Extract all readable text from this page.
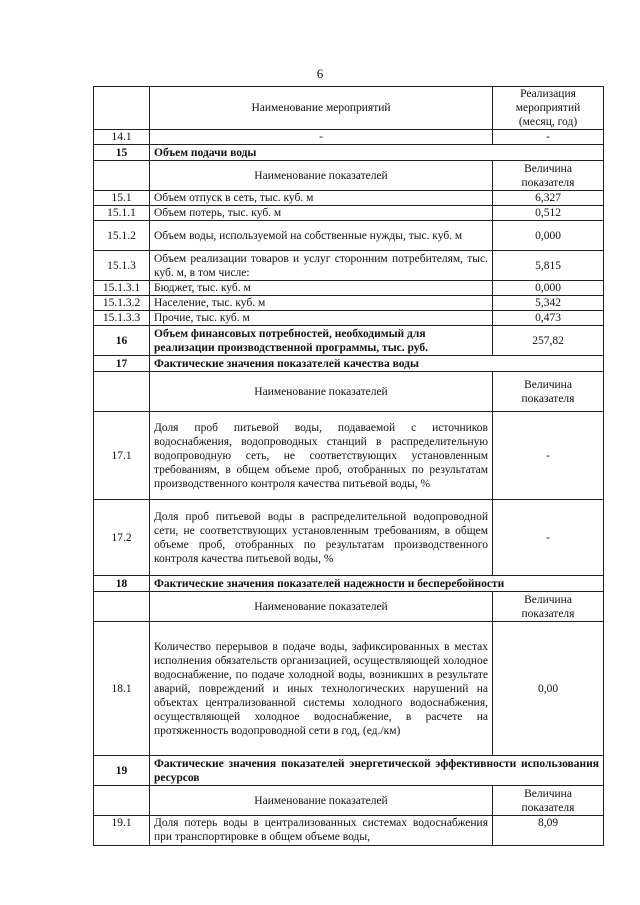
6
	Наименование мероприятий	Реализация мероприятий (месяц, год)
14.1	-	-
15	Объем подачи воды	
	Наименование показателей	Величина показателя
15.1	Объем отпуск в сеть, тыс. куб. м	6,327
15.1.1	Объем потерь, тыс. куб. м	0,512
15.1.2	Объем воды, используемой на собственные нужды, тыс. куб. м	0,000
15.1.3	Объем реализации товаров и услуг сторонним потребителям, тыс. куб. м, в том числе:	5,815
15.1.3.1	Бюджет, тыс. куб. м	0,000
15.1.3.2	Население, тыс. куб. м	5,342
15.1.3.3	Прочие, тыс. куб. м	0,473
16	Объем финансовых потребностей, необходимый для реализации производственной программы, тыс. руб.	257,82
17	Фактические значения показателей качества воды	
	Наименование показателей	Величина показателя
17.1	Доля проб питьевой воды, подаваемой с источников водоснабжения, водопроводных станций в распределительную водопроводную сеть, не соответствующих установленным требованиям, в общем объеме проб, отобранных по результатам производственного контроля качества питьевой воды, %	-
17.2	Доля проб питьевой воды в распределительной водопроводной сети, не соответствующих установленным требованиям, в общем объеме проб, отобранных по результатам производственного контроля качества питьевой воды, %	-
18	Фактические значения показателей надежности и бесперебойности	
	Наименование показателей	Величина показателя
18.1	Количество перерывов в подаче воды, зафиксированных в местах исполнения обязательств организацией, осуществляющей холодное водоснабжение, по подаче холодной воды, возникших в результате аварий, повреждений и иных технологических нарушений на объектах централизованной системы холодного водоснабжения, осуществляющей холодное водоснабжение, в расчете на протяженность водопроводной сети в год, (ед./км)	0,00
19	Фактические значения показателей энергетической эффективности использования ресурсов	
	Наименование показателей	Величина показателя
19.1	Доля потерь воды в централизованных системах водоснабжения при транспортировке в общем объеме воды,	8,09
